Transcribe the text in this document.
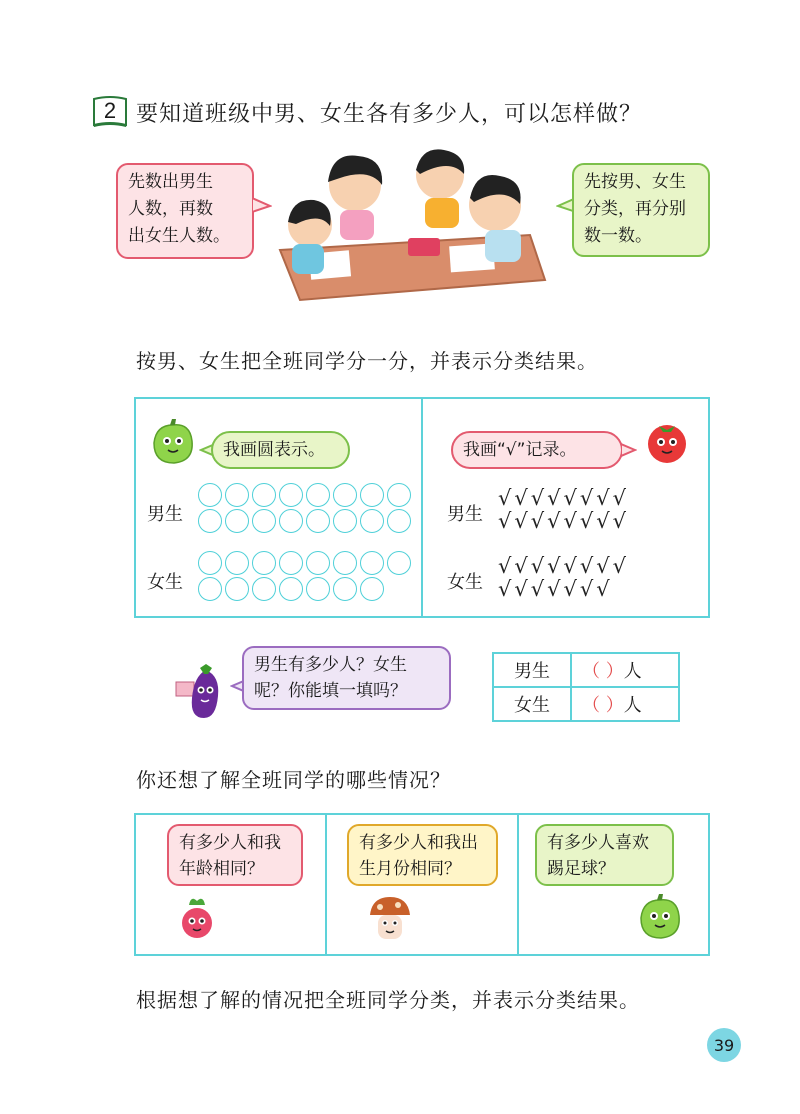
2 要知道班级中男、女生各有多少人，可以怎样做？
先数出男生
人数，再数
出女生人数。
先按男、女生
分类，再分别
数一数。
按男、女生把全班同学分一分，并表示分类结果。
我画圆表示。
男生
女生
我画“√”记录。
男生
√√√√√√√√
√√√√√√√√
女生
√√√√√√√√
√√√√√√√
男生有多少人？女生
呢？你能填一填吗？
男生	（ ）人
女生	（ ）人
你还想了解全班同学的哪些情况？
有多少人和我
年龄相同？
有多少人和我出
生月份相同？
有多少人喜欢
踢足球？
根据想了解的情况把全班同学分类，并表示分类结果。
39
